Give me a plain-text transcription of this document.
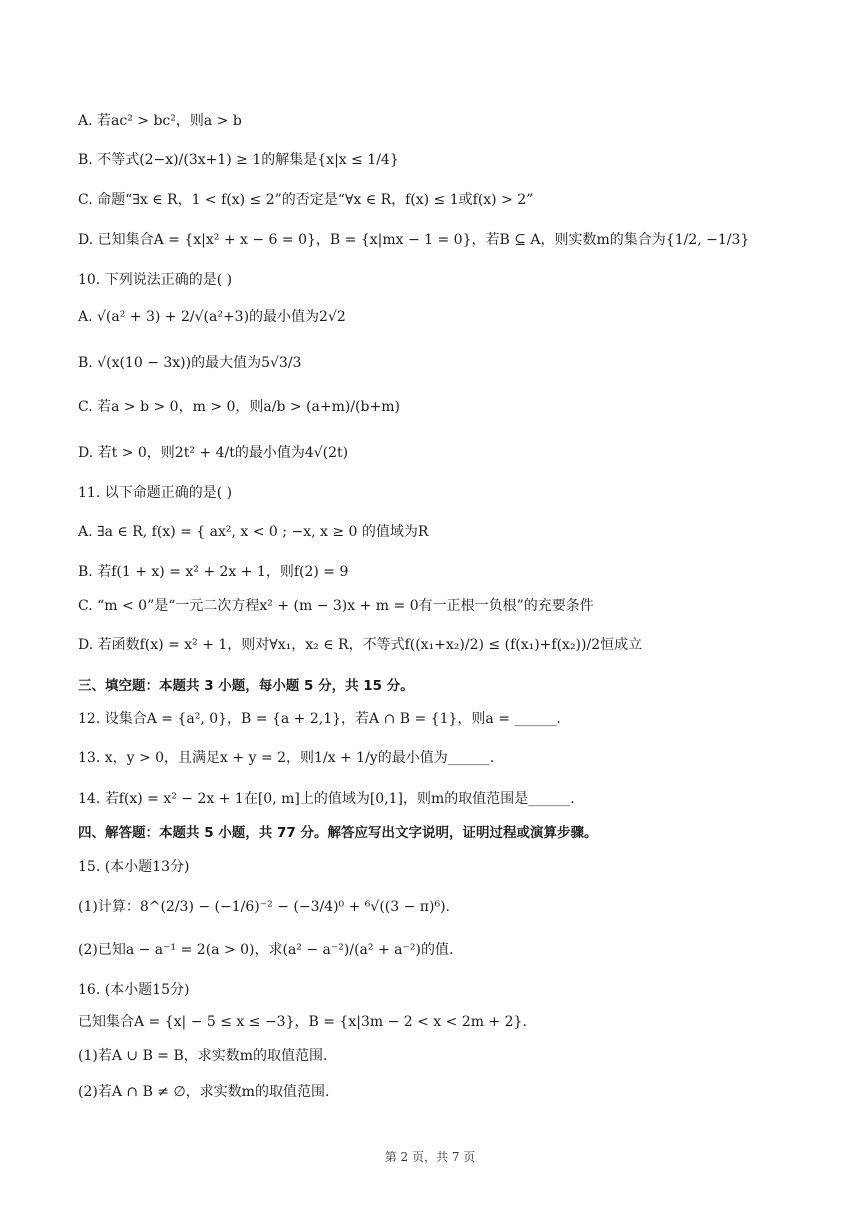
A. 若ac² > bc²，则a > b
B. 不等式(2−x)/(3x+1) ≥ 1的解集是{x|x ≤ 1/4}
C. 命题“∃x ∈ R，1 < f(x) ≤ 2”的否定是“∀x ∈ R，f(x) ≤ 1或f(x) > 2”
D. 已知集合A = {x|x² + x − 6 = 0}，B = {x|mx − 1 = 0}，若B ⊆ A，则实数m的集合为{1/2, −1/3}
10. 下列说法正确的是( )
A. √(a² + 3) + 2/√(a²+3)的最小值为2√2
B. √(x(10 − 3x))的最大值为5√3/3
C. 若a > b > 0，m > 0，则a/b > (a+m)/(b+m)
D. 若t > 0，则2t² + 4/t的最小值为4√(2t)
11. 以下命题正确的是( )
A. ∃a ∈ R, f(x) = { ax², x < 0 ; −x, x ≥ 0 的值域为R
B. 若f(1 + x) = x² + 2x + 1，则f(2) = 9
C. “m < 0”是“一元二次方程x² + (m − 3)x + m = 0有一正根一负根”的充要条件
D. 若函数f(x) = x² + 1，则对∀x₁，x₂ ∈ R，不等式f((x₁+x₂)/2) ≤ (f(x₁)+f(x₂))/2恒成立
三、填空题：本题共 3 小题，每小题 5 分，共 15 分。
12. 设集合A = {a², 0}，B = {a + 2,1}，若A ∩ B = {1}，则a = ______.
13. x，y > 0，且满足x + y = 2，则1/x + 1/y的最小值为______.
14. 若f(x) = x² − 2x + 1在[0, m]上的值域为[0,1]，则m的取值范围是______.
四、解答题：本题共 5 小题，共 77 分。解答应写出文字说明，证明过程或演算步骤。
15. (本小题13分)
(1)计算：8^(2/3) − (−1/6)⁻² − (−3/4)⁰ + ⁶√((3 − π)⁶).
(2)已知a − a⁻¹ = 2(a > 0)，求(a² − a⁻²)/(a² + a⁻²)的值.
16. (本小题15分)
已知集合A = {x| − 5 ≤ x ≤ −3}，B = {x|3m − 2 < x < 2m + 2}.
(1)若A ∪ B = B，求实数m的取值范围.
(2)若A ∩ B ≠ ∅，求实数m的取值范围.
第 2 页，共 7 页
